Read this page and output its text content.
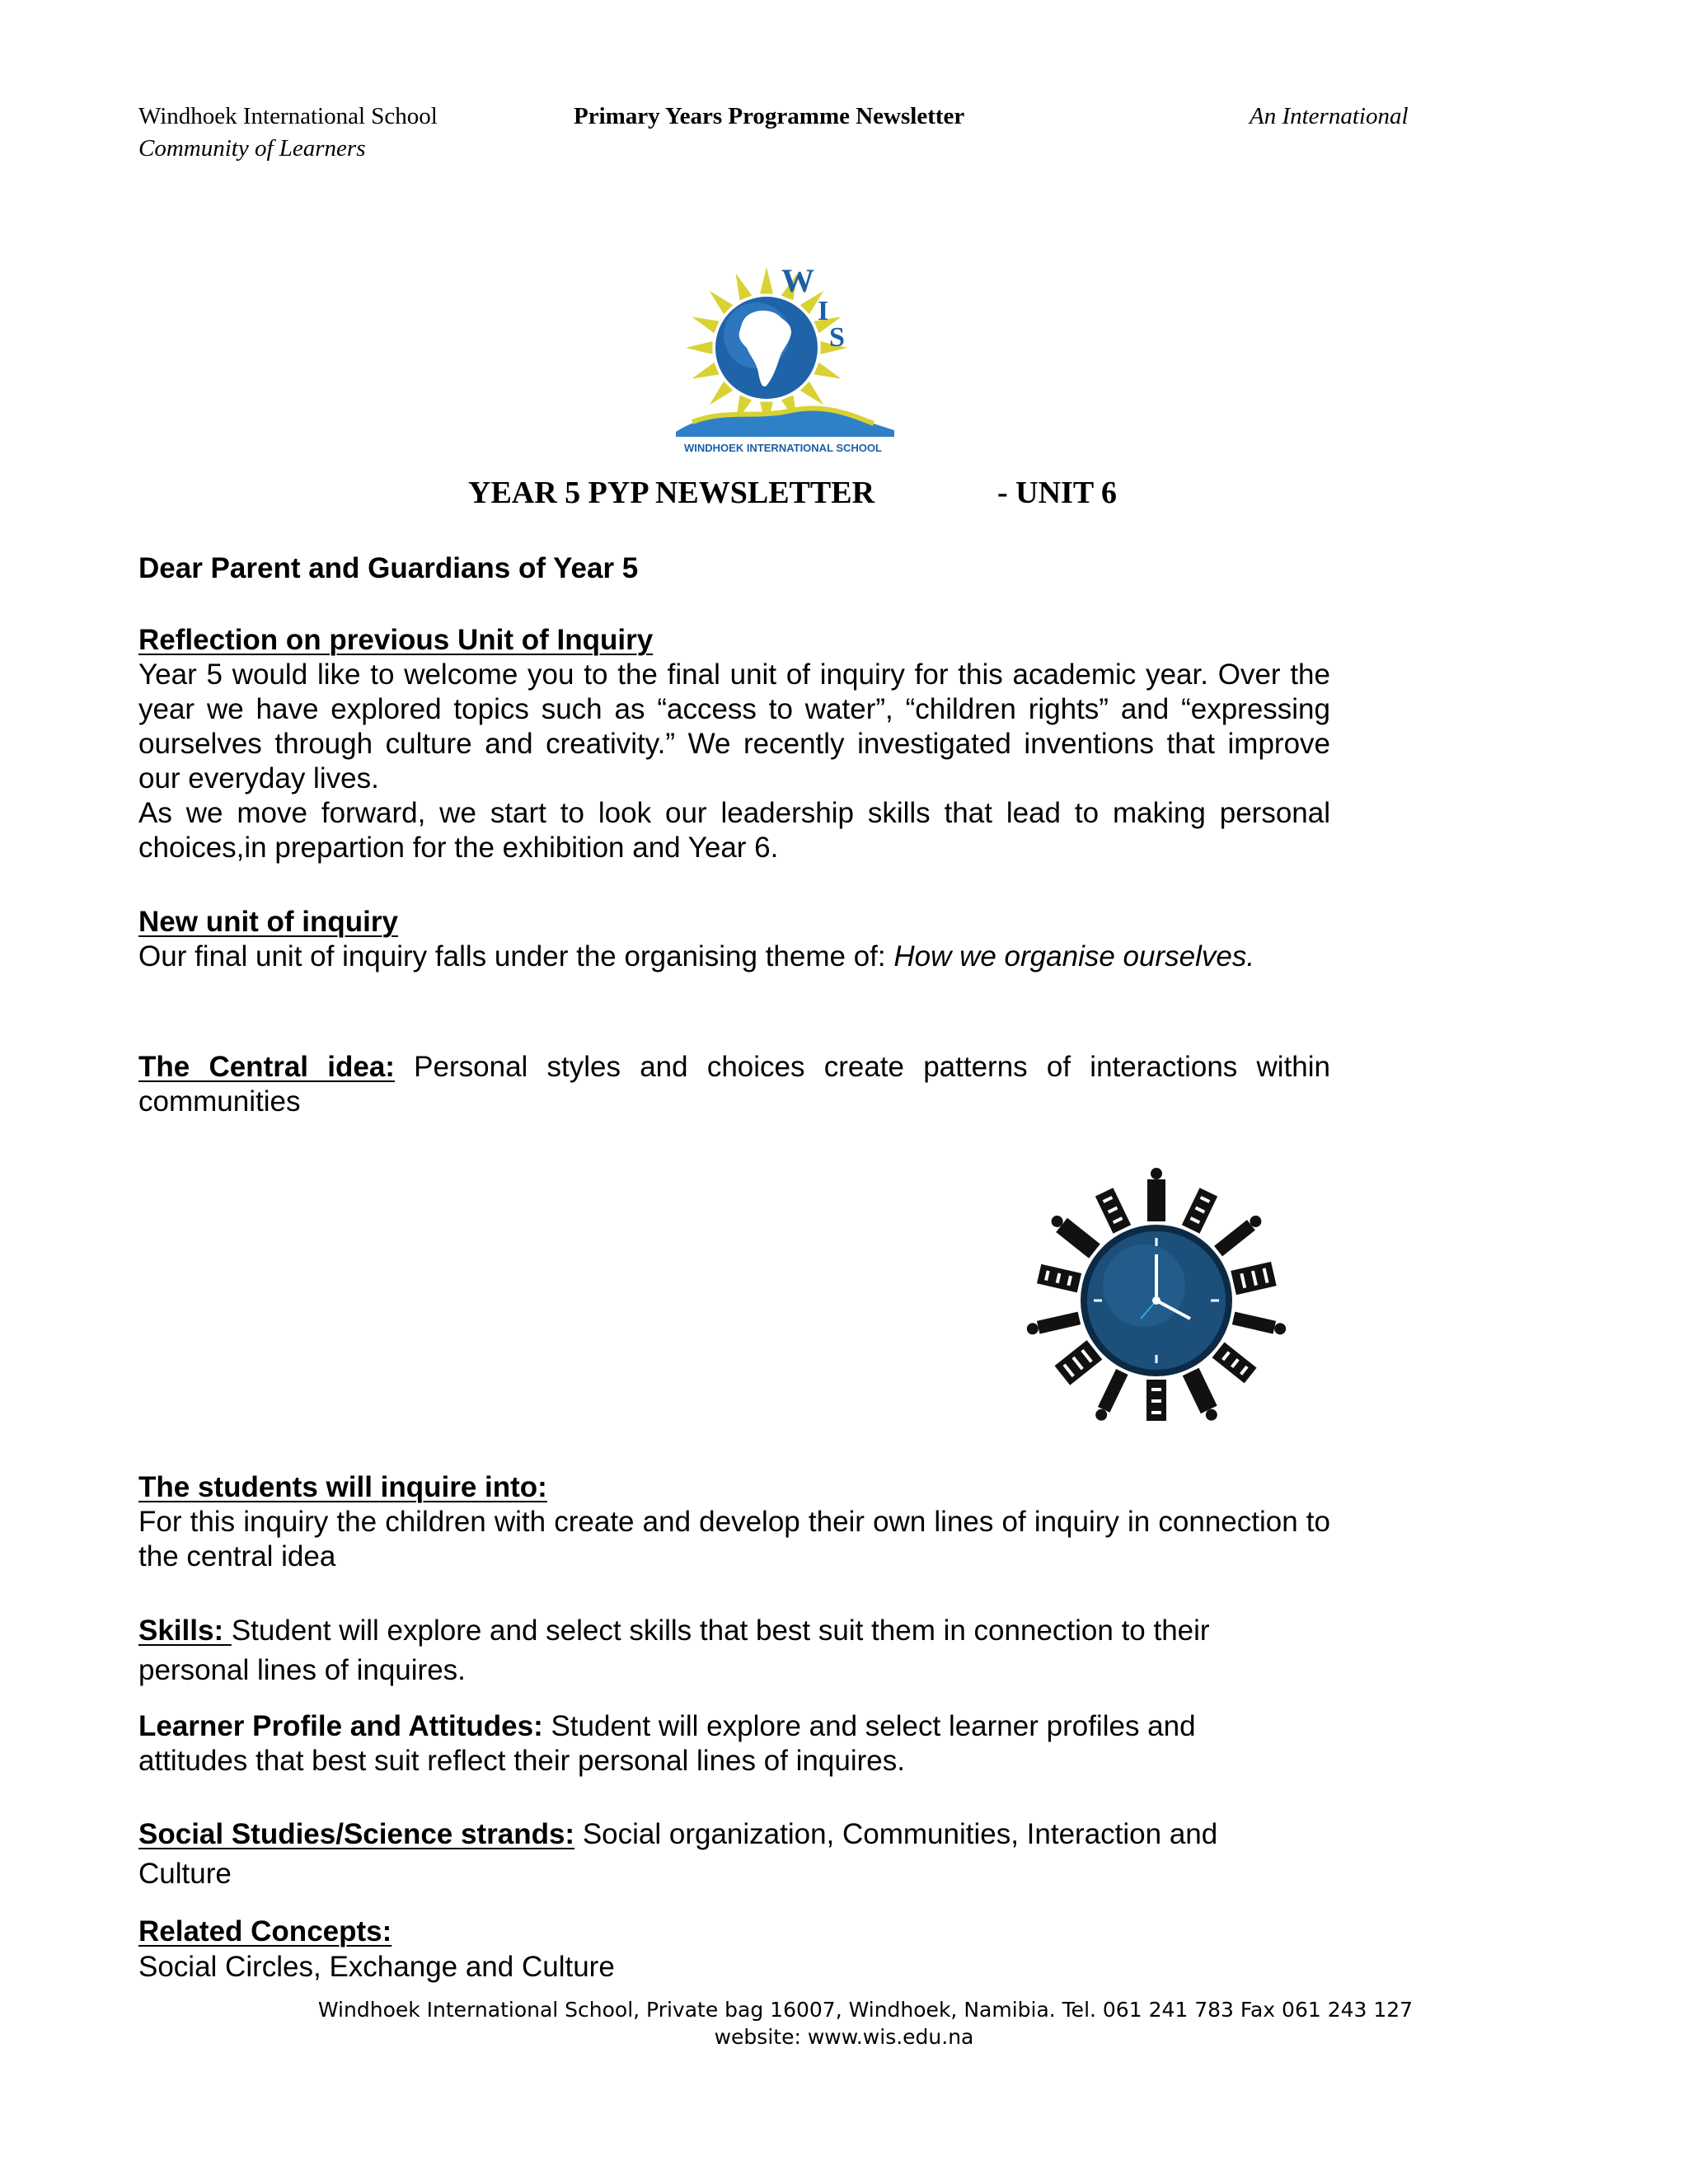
Windhoek International School	Primary Years Programme Newsletter	An International
Community of Learners
W
I
S
WINDHOEK INTERNATIONAL SCHOOL
YEAR 5 PYP NEWSLETTER	- UNIT 6
Dear Parent and Guardians of Year 5
Reflection on previous Unit of Inquiry
Year 5 would like to welcome you to the final unit of inquiry for this academic year. Over the year we have explored topics such as “access to water”, “children rights” and “expressing ourselves through culture and creativity.” We recently investigated inventions that improve our everyday lives.
As we move forward, we start to look our leadership skills that lead to making personal choices,in prepartion for the exhibition and Year 6.
New unit of inquiry
Our final unit of inquiry falls under the organising theme of: How we organise ourselves.
The Central idea: Personal styles and choices create patterns of interactions within communities
The students will inquire into:
For this inquiry the children with create and develop their own lines of inquiry in connection to the central idea
Skills: Student will explore and select skills that best suit them in connection to their personal lines of inquires.
Learner Profile and Attitudes: Student will explore and select learner profiles and attitudes that best suit reflect their personal lines of inquires.
Social Studies/Science strands: Social organization, Communities, Interaction and Culture
Related Concepts:
Social Circles, Exchange and Culture
Windhoek International School, Private bag 16007, Windhoek, Namibia. Tel. 061 241 783 Fax 061 243 127
website: www.wis.edu.na
